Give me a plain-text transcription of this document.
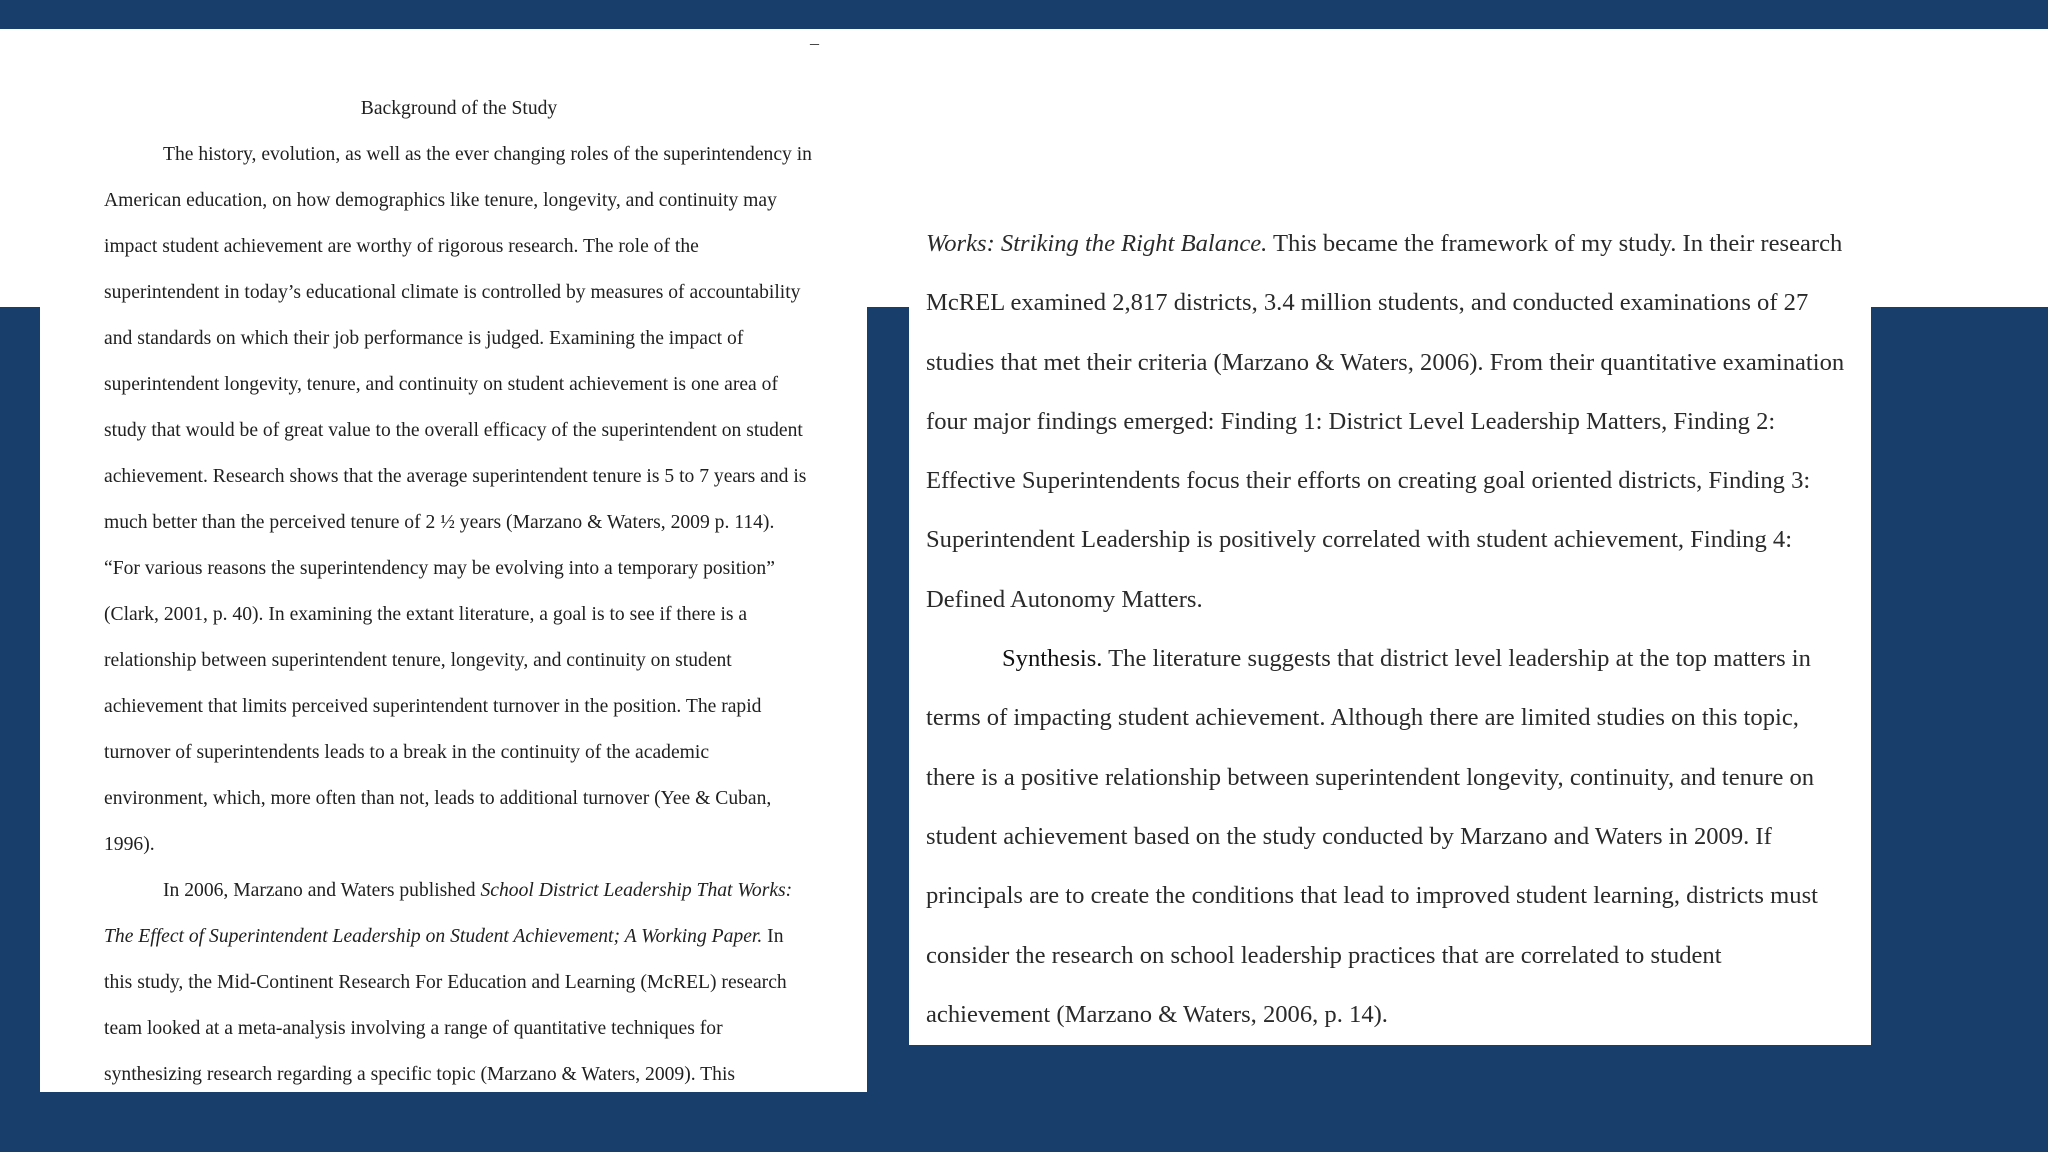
–

Background of the Study

The history, evolution, as well as the ever changing roles of the superintendency in American education, on how demographics like tenure, longevity, and continuity may impact student achievement are worthy of rigorous research. The role of the superintendent in today’s educational climate is controlled by measures of accountability and standards on which their job performance is judged. Examining the impact of superintendent longevity, tenure, and continuity on student achievement is one area of study that would be of great value to the overall efficacy of the superintendent on student achievement. Research shows that the average superintendent tenure is 5 to 7 years and is much better than the perceived tenure of 2 ½ years (Marzano & Waters, 2009 p. 114). “For various reasons the superintendency may be evolving into a temporary position” (Clark, 2001, p. 40). In examining the extant literature, a goal is to see if there is a relationship between superintendent tenure, longevity, and continuity on student achievement that limits perceived superintendent turnover in the position. The rapid turnover of superintendents leads to a break in the continuity of the academic environment, which, more often than not, leads to additional turnover (Yee & Cuban, 1996).

In 2006, Marzano and Waters published School District Leadership That Works: The Effect of Superintendent Leadership on Student Achievement; A Working Paper. In this study, the Mid-Continent Research For Education and Learning (McREL) research team looked at a meta-analysis involving a range of quantitative techniques for synthesizing research regarding a specific topic (Marzano & Waters, 2009). This

Works: Striking the Right Balance. This became the framework of my study. In their research McREL examined 2,817 districts, 3.4 million students, and conducted examinations of 27 studies that met their criteria (Marzano & Waters, 2006). From their quantitative examination four major findings emerged: Finding 1: District Level Leadership Matters, Finding 2: Effective Superintendents focus their efforts on creating goal oriented districts, Finding 3: Superintendent Leadership is positively correlated with student achievement, Finding 4: Defined Autonomy Matters.

Synthesis. The literature suggests that district level leadership at the top matters in terms of impacting student achievement. Although there are limited studies on this topic, there is a positive relationship between superintendent longevity, continuity, and tenure on student achievement based on the study conducted by Marzano and Waters in 2009. If principals are to create the conditions that lead to improved student learning, districts must consider the research on school leadership practices that are correlated to student achievement (Marzano & Waters, 2006, p. 14).
